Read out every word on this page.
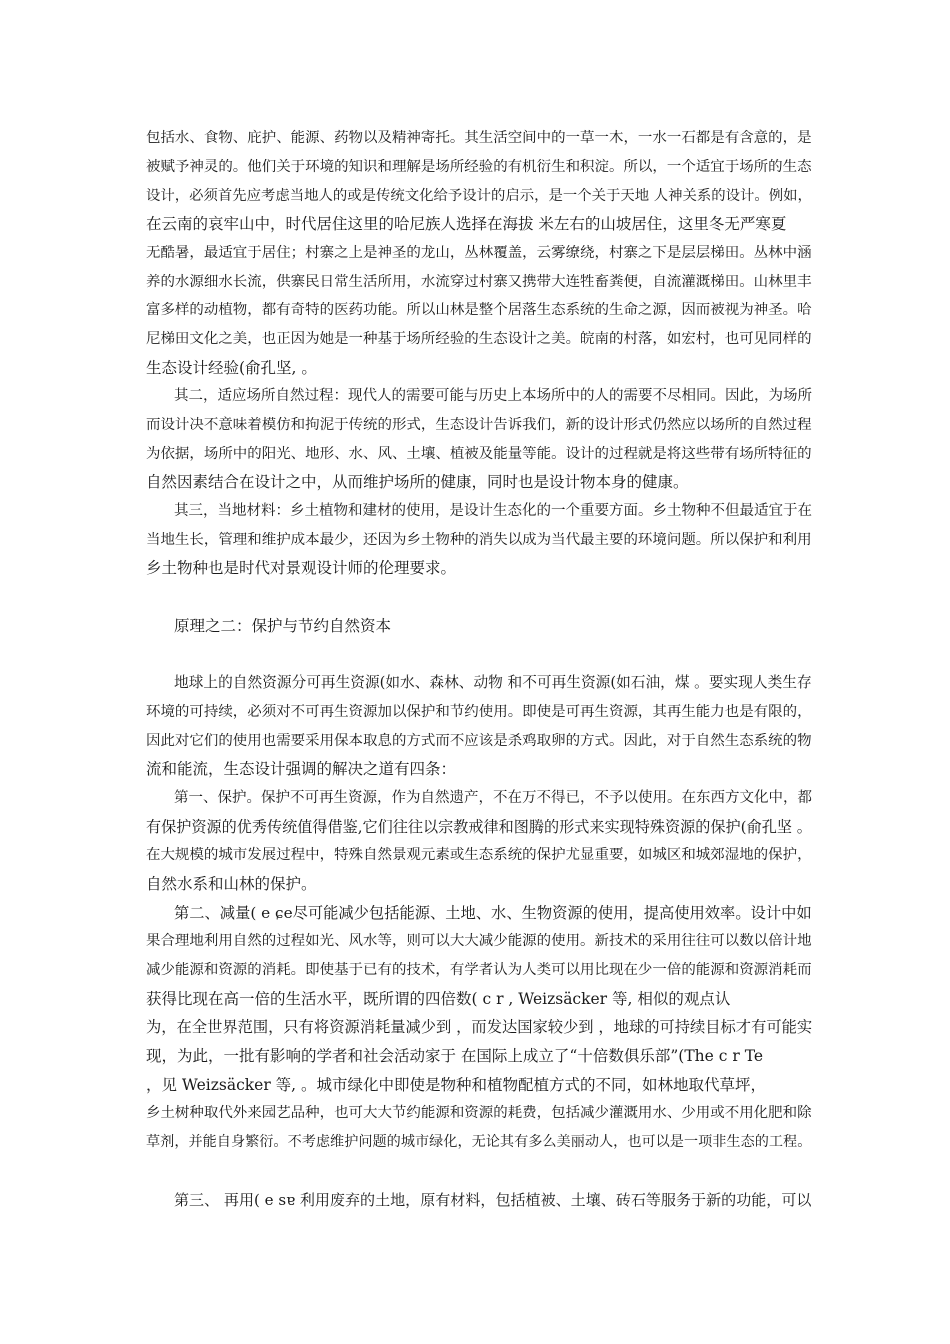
包括水、食物、庇护、能源、药物以及精神寄托。其生活空间中的一草一木，一水一石都是有含意的，是
被赋予神灵的。他们关于环境的知识和理解是场所经验的有机衍生和积淀。所以，一个适宜于场所的生态
设计，必须首先应考虑当地人的或是传统文化给予设计的启示，是一个关于天地 人神关系的设计。例如，
在云南的哀牢山中，时代居住这里的哈尼族人选择在海拔 米左右的山坡居住，这里冬无严寒夏
无酷暑，最适宜于居住；村寨之上是神圣的龙山，丛林覆盖，云雾缭绕，村寨之下是层层梯田。丛林中涵
养的水源细水长流，供寨民日常生活所用，水流穿过村寨又携带大连牲畜粪便，自流灌溉梯田。山林里丰
富多样的动植物，都有奇特的医药功能。所以山林是整个居落生态系统的生命之源，因而被视为神圣。哈
尼梯田文化之美，也正因为她是一种基于场所经验的生态设计之美。皖南的村落，如宏村，也可见同样的
生态设计经验(俞孔坚, 。
其二，适应场所自然过程：现代人的需要可能与历史上本场所中的人的需要不尽相同。因此，为场所
而设计决不意味着模仿和拘泥于传统的形式，生态设计告诉我们，新的设计形式仍然应以场所的自然过程
为依据，场所中的阳光、地形、水、风、土壤、植被及能量等能。设计的过程就是将这些带有场所特征的
自然因素结合在设计之中，从而维护场所的健康，同时也是设计物本身的健康。
其三，当地材料：乡土植物和建材的使用，是设计生态化的一个重要方面。乡土物种不但最适宜于在
当地生长，管理和维护成本最少，还因为乡土物种的消失以成为当代最主要的环境问题。所以保护和利用
乡土物种也是时代对景观设计师的伦理要求。
原理之二：保护与节约自然资本
地球上的自然资源分可再生资源(如水、森林、动物 和不可再生资源(如石油，煤 。要实现人类生存
环境的可持续，必须对不可再生资源加以保护和节约使用。即使是可再生资源，其再生能力也是有限的，
因此对它们的使用也需要采用保本取息的方式而不应该是杀鸡取卵的方式。因此，对于自然生态系统的物
流和能流，生态设计强调的解决之道有四条：
第一、保护。保护不可再生资源，作为自然遗产，不在万不得已，不予以使用。在东西方文化中，都
有保护资源的优秀传统值得借鉴,它们往往以宗教戒律和图腾的形式来实现特殊资源的保护(俞孔坚 。
在大规模的城市发展过程中，特殊自然景观元素或生态系统的保护尤显重要，如城区和城郊湿地的保护，
自然水系和山林的保护。
第二、减量( e ɕe尽可能减少包括能源、土地、水、生物资源的使用，提高使用效率。设计中如
果合理地利用自然的过程如光、风水等，则可以大大减少能源的使用。新技术的采用往往可以数以倍计地
减少能源和资源的消耗。即使基于已有的技术，有学者认为人类可以用比现在少一倍的能源和资源消耗而
获得比现在高一倍的生活水平，既所谓的四倍数( c r , Weizsäcker 等, 相似的观点认
为，在全世界范围，只有将资源消耗量减少到 ，而发达国家较少到 ，地球的可持续目标才有可能实
现，为此，一批有影响的学者和社会活动家于 在国际上成立了“十倍数俱乐部”(The c r Te
，见 Weizsäcker 等, 。城市绿化中即使是物种和植物配植方式的不同，如林地取代草坪，
乡土树种取代外来园艺品种，也可大大节约能源和资源的耗费，包括减少灌溉用水、少用或不用化肥和除
草剂，并能自身繁衍。不考虑维护问题的城市绿化，无论其有多么美丽动人，也可以是一项非生态的工程。
第三、 再用( e sɐ 利用废弃的土地，原有材料，包括植被、土壤、砖石等服务于新的功能，可以
